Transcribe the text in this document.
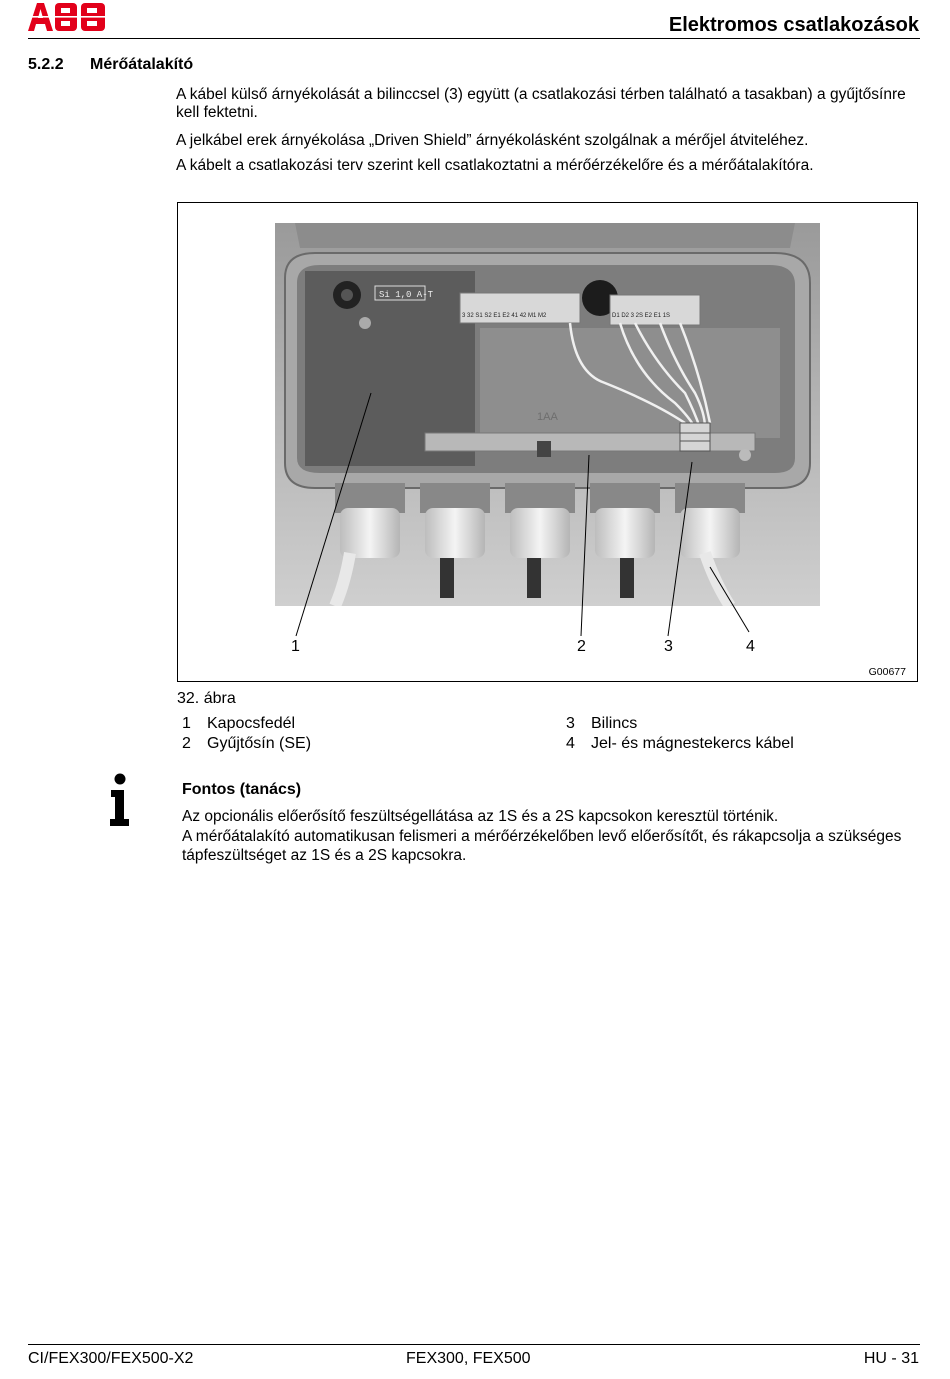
Elektromos csatlakozások
5.2.2 Mérőátalakító
A kábel külső árnyékolását a bilinccsel (3) együtt (a csatlakozási térben található a tasakban) a gyűjtősínre kell fektetni.
A jelkábel erek árnyékolása „Driven Shield” árnyékolásként szolgálnak a mérőjel átviteléhez.
A kábelt a csatlakozási terv szerint kell csatlakoztatni a mérőérzékelőre és a mérőátalakítóra.
Si 1,0 A-T
3 32 S1 S2 E1 E2 41 42 M1 M2	D1 D2 3 2S E2 E1 1S
1AA
1	2	3	4
G00677
32. ábra
1 Kapocsfedél
2 Gyűjtősín (SE)
3 Bilincs
4 Jel- és mágnestekercs kábel
Fontos (tanács)
Az opcionális előerősítő feszültségellátása az 1S és a 2S kapcsokon keresztül történik.
A mérőátalakító automatikusan felismeri a mérőérzékelőben levő előerősítőt, és rákapcsolja a szükséges tápfeszültséget az 1S és a 2S kapcsokra.
CI/FEX300/FEX500-X2	FEX300, FEX500	HU - 31
